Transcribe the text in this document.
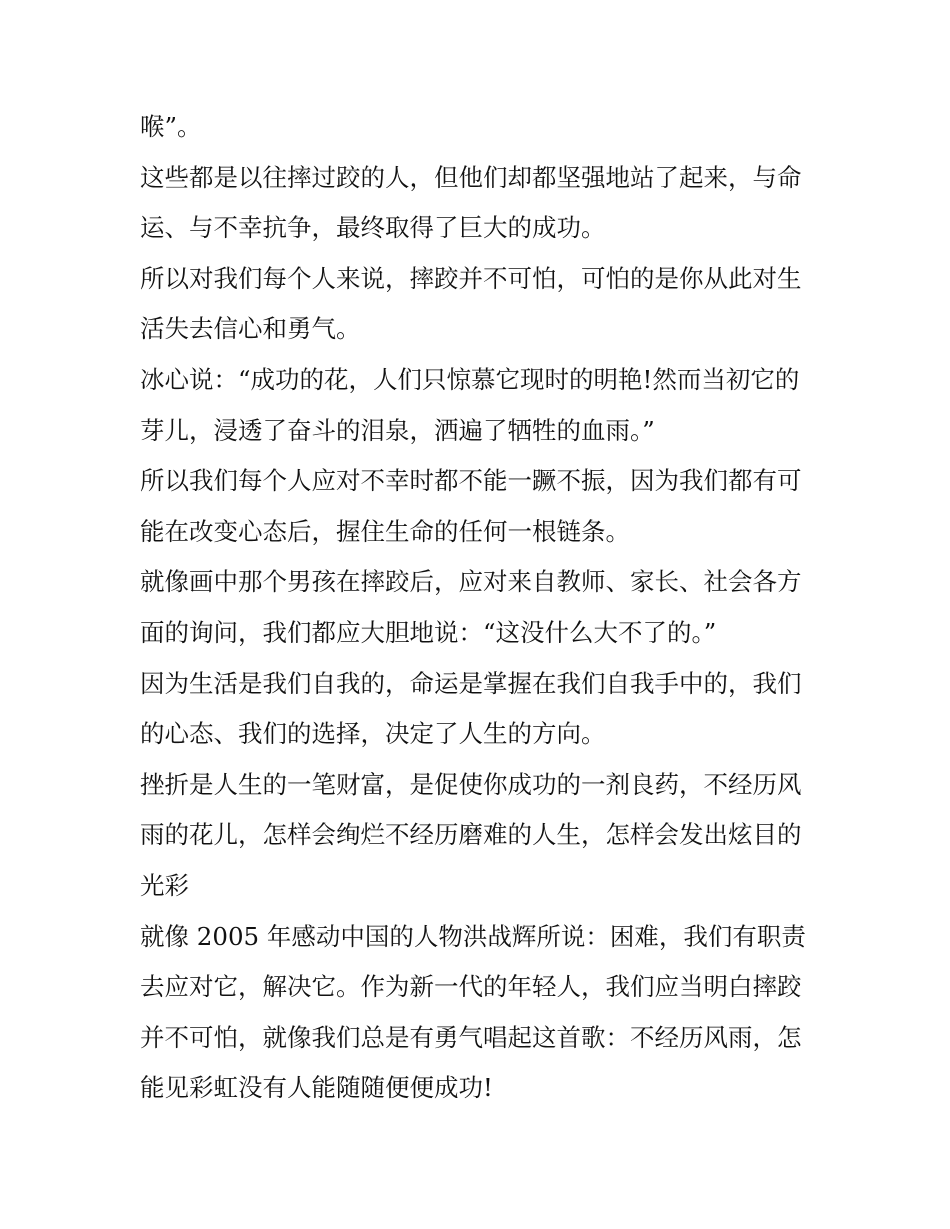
喉”。
这些都是以往摔过跤的人，但他们却都坚强地站了起来，与命
运、与不幸抗争，最终取得了巨大的成功。
所以对我们每个人来说，摔跤并不可怕，可怕的是你从此对生
活失去信心和勇气。
冰心说：“成功的花，人们只惊慕它现时的明艳!然而当初它的
芽儿，浸透了奋斗的泪泉，洒遍了牺牲的血雨。”
所以我们每个人应对不幸时都不能一蹶不振，因为我们都有可
能在改变心态后，握住生命的任何一根链条。
就像画中那个男孩在摔跤后，应对来自教师、家长、社会各方
面的询问，我们都应大胆地说：“这没什么大不了的。”
因为生活是我们自我的，命运是掌握在我们自我手中的，我们
的心态、我们的选择，决定了人生的方向。
挫折是人生的一笔财富，是促使你成功的一剂良药，不经历风
雨的花儿，怎样会绚烂不经历磨难的人生，怎样会发出炫目的
光彩
就像 2005 年感动中国的人物洪战辉所说：困难，我们有职责
去应对它，解决它。作为新一代的年轻人，我们应当明白摔跤
并不可怕，就像我们总是有勇气唱起这首歌：不经历风雨，怎
能见彩虹没有人能随随便便成功!
